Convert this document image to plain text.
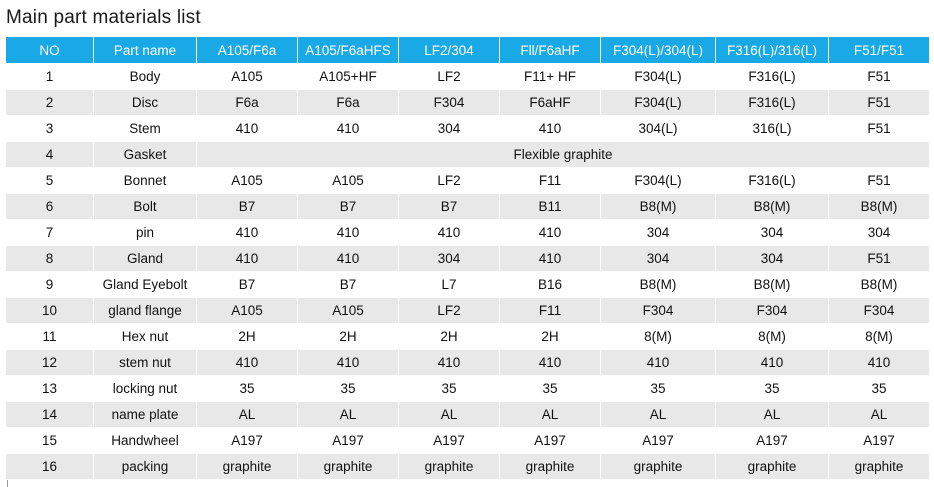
Main part materials list
NO	Part name	A105/F6a	A105/F6aHFS	LF2/304	Fll/F6aHF	F304(L)/304(L)	F316(L)/316(L)	F51/F51
1	Body	A105	A105+HF	LF2	F11+ HF	F304(L)	F316(L)	F51
2	Disc	F6a	F6a	F304	F6aHF	F304(L)	F316(L)	F51
3	Stem	410	410	304	410	304(L)	316(L)	F51
4	Gasket	Flexible graphite						
5	Bonnet	A105	A105	LF2	F11	F304(L)	F316(L)	F51
6	Bolt	B7	B7	B7	B11	B8(M)	B8(M)	B8(M)
7	pin	410	410	410	410	304	304	304
8	Gland	410	410	304	410	304	304	F51
9	Gland Eyebolt	B7	B7	L7	B16	B8(M)	B8(M)	B8(M)
10	gland flange	A105	A105	LF2	F11	F304	F304	F304
11	Hex nut	2H	2H	2H	2H	8(M)	8(M)	8(M)
12	stem nut	410	410	410	410	410	410	410
13	locking nut	35	35	35	35	35	35	35
14	name plate	AL	AL	AL	AL	AL	AL	AL
15	Handwheel	A197	A197	A197	A197	A197	A197	A197
16	packing	graphite	graphite	graphite	graphite	graphite	graphite	graphite
